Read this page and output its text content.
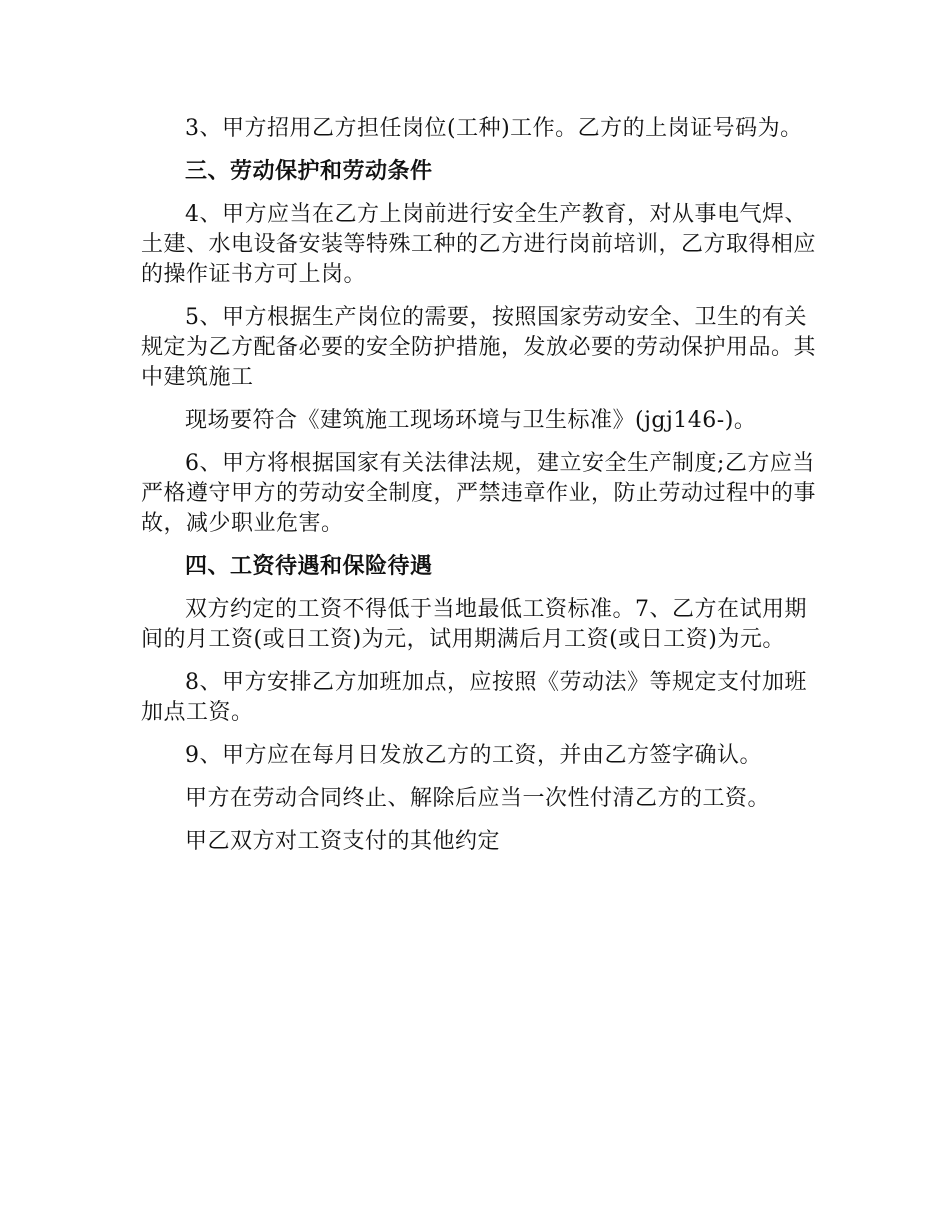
3、甲方招用乙方担任岗位(工种)工作。乙方的上岗证号码为。

三、劳动保护和劳动条件

4、甲方应当在乙方上岗前进行安全生产教育，对从事电气焊、土建、水电设备安装等特殊工种的乙方进行岗前培训，乙方取得相应的操作证书方可上岗。

5、甲方根据生产岗位的需要，按照国家劳动安全、卫生的有关规定为乙方配备必要的安全防护措施，发放必要的劳动保护用品。其中建筑施工

现场要符合《建筑施工现场环境与卫生标准》(jgj146-)。

6、甲方将根据国家有关法律法规，建立安全生产制度;乙方应当严格遵守甲方的劳动安全制度，严禁违章作业，防止劳动过程中的事故，减少职业危害。

四、工资待遇和保险待遇

双方约定的工资不得低于当地最低工资标准。7、乙方在试用期间的月工资(或日工资)为元，试用期满后月工资(或日工资)为元。

8、甲方安排乙方加班加点，应按照《劳动法》等规定支付加班加点工资。

9、甲方应在每月日发放乙方的工资，并由乙方签字确认。

甲方在劳动合同终止、解除后应当一次性付清乙方的工资。

甲乙双方对工资支付的其他约定
